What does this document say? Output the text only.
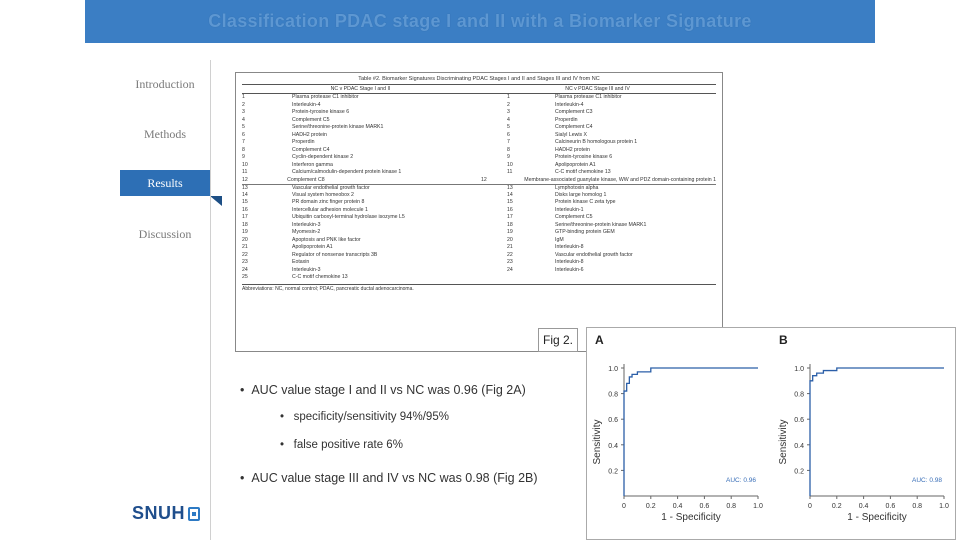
Classification PDAC stage I and II with a Biomarker Signature
Introduction
Methods
Results
Discussion
Table #2. Biomarker Signatures Discriminating PDAC Stages I and II and Stages III and IV from NC
NC v PDAC Stage I and II	NC v PDAC Stage III and IV
1	Plasma protease C1 inhibitor	1	Plasma protease C1 inhibitor
2	Interleukin-4	2	Interleukin-4
3	Protein-tyrosine kinase 6	3	Complement C3
4	Complement C5	4	Properdin
5	Serine/threonine-protein kinase MARK1	5	Complement C4
6	HADH2 protein	6	Sialyl Lewis X
7	Properdin	7	Calcineurin B homologous protein 1
8	Complement C4	8	HADH2 protein
9	Cyclin-dependent kinase 2	9	Protein-tyrosine kinase 6
10	Interferon gamma	10	Apolipoprotein A1
11	Calcium/calmodulin-dependent protein kinase 1	11	C-C motif chemokine 13
12	Complement C8	12	Membrane-associated guanylate kinase, WW and PDZ domain-containing protein 1
13	Vascular endothelial growth factor	13	Lymphotoxin alpha
14	Visual system homeobox 2	14	Disks large homolog 1
15	PR domain zinc finger protein 8	15	Protein kinase C zeta type
16	Intercellular adhesion molecule 1	16	Interleukin-1
17	Ubiquitin carboxyl-terminal hydrolase isozyme L5	17	Complement C5
18	Interleukin-3	18	Serine/threonine-protein kinase MARK1
19	Myomesin-2	19	GTP-binding protein GEM
20	Apoptosis and PNK like factor	20	IgM
21	Apolipoprotein A1	21	Interleukin-8
22	Regulator of nonsense transcripts 3B	22	Vascular endothelial growth factor
23	Eotaxin	23	Interleukin-8
24	Interleukin-3	24	Interleukin-6
25	C-C motif chemokine 13
Abbreviations: NC, normal control; PDAC, pancreatic ductal adenocarcinoma.
Fig 2.
•  AUC value stage I and II vs NC was 0.96 (Fig 2A)
•   specificity/sensitivity 94%/95%
•   false positive rate 6%
•  AUC value stage III and IV vs NC was 0.98 (Fig 2B)
A
0.2
0.4
0.6
0.8
1.0
0	0.2 0.4 0.6 0.8 1.0
1 - Specificity
Sensitivity
AUC: 0.96
B
0.2
0.4
0.6
0.8
1.0
0	0.2 0.4 0.6 0.8 1.0
1 - Specificity
Sensitivity
AUC: 0.98
SNUH
